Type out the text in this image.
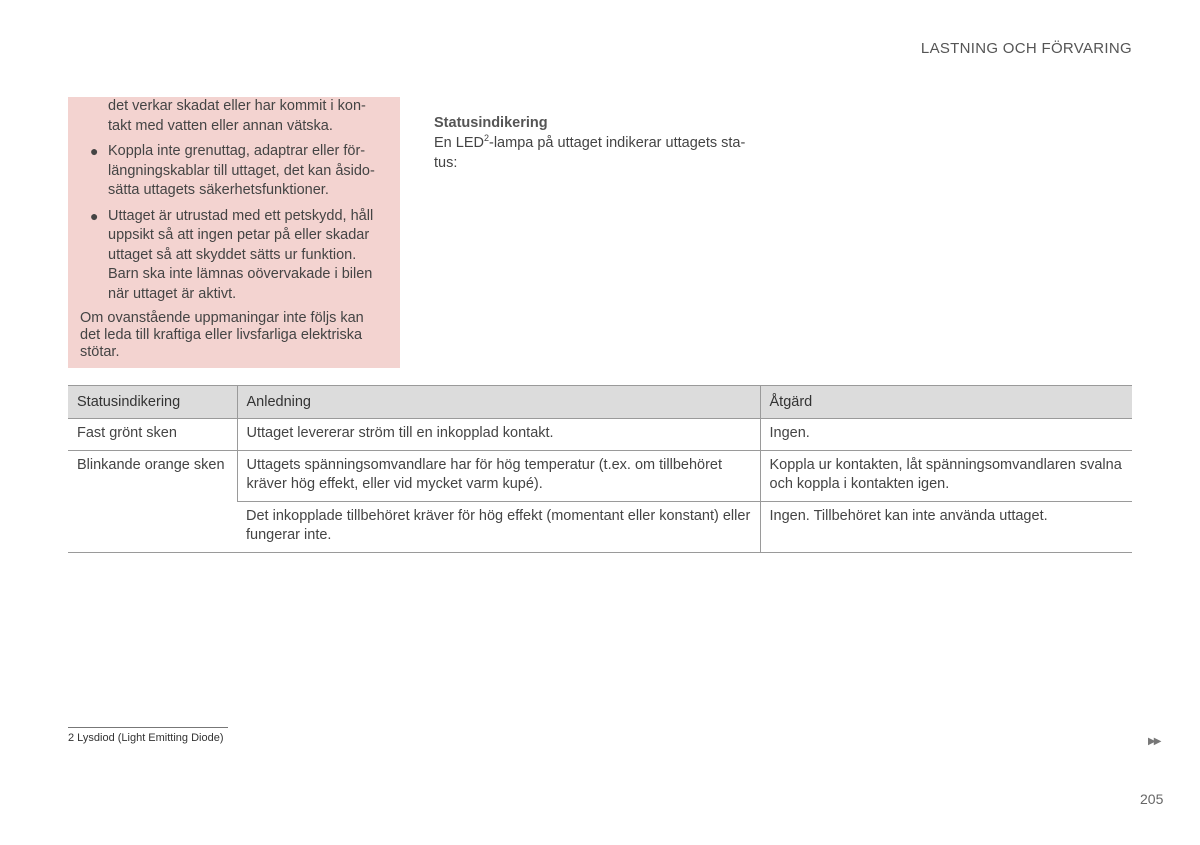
LASTNING OCH FÖRVARING
det verkar skadat eller har kommit i kon-
takt med vatten eller annan vätska.
● Koppla inte grenuttag, adaptrar eller för-
längningskablar till uttaget, det kan åsido-
sätta uttagets säkerhetsfunktioner.
● Uttaget är utrustad med ett petskydd, håll
uppsikt så att ingen petar på eller skadar
uttaget så att skyddet sätts ur funktion.
Barn ska inte lämnas oövervakade i bilen
när uttaget är aktivt.
Om ovanstående uppmaningar inte följs kan
det leda till kraftiga eller livsfarliga elektriska
stötar.
Statusindikering
En LED$^2$-lampa på uttaget indikerar uttagets sta-
tus:
Statusindikering	Anledning	Åtgärd
Fast grönt sken	Uttaget levererar ström till en inkopplad kontakt.	Ingen.
Blinkande orange sken	Uttagets spänningsomvandlare har för hög temperatur (t.ex. om tillbehöret kräver hög effekt, eller vid mycket varm kupé).	Koppla ur kontakten, låt spänningsomvandlaren svalna och koppla i kontakten igen.
	Det inkopplade tillbehöret kräver för hög effekt (momentant eller konstant) eller fungerar inte.	Ingen. Tillbehöret kan inte använda uttaget.
2 Lysdiod (Light Emitting Diode)	▶▶
205
